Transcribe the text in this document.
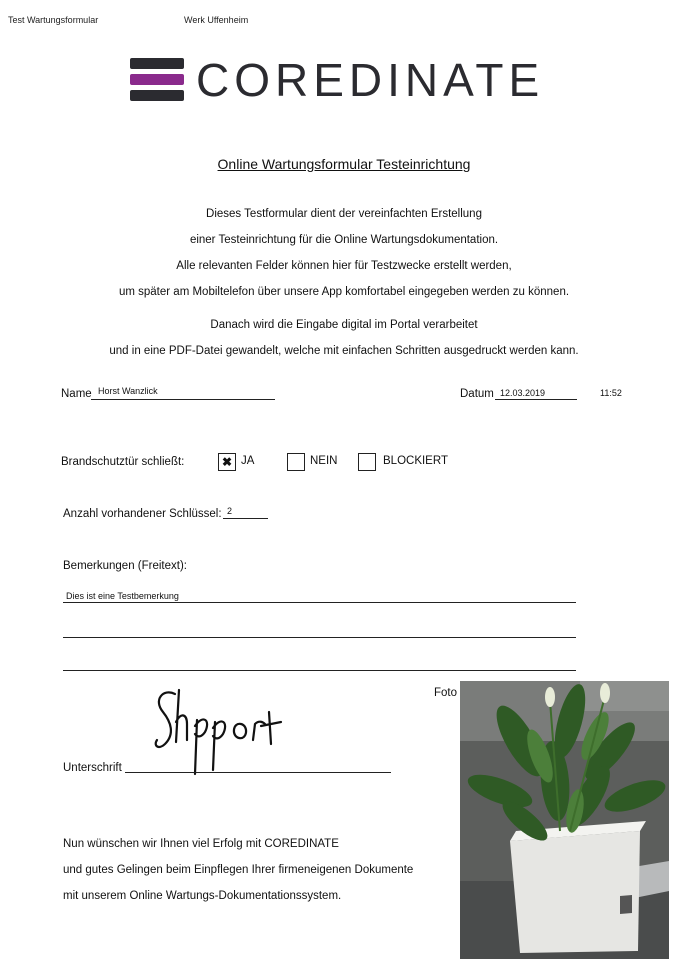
Test Wartungsformular	Werk Uffenheim
COREDINATE
Online Wartungsformular Testeinrichtung
Dieses Testformular dient der vereinfachten Erstellung
einer Testeinrichtung für die Online Wartungsdokumentation.
Alle relevanten Felder können hier für Testzwecke erstellt werden,
um später am Mobiltelefon über unsere App komfortabel eingegeben werden zu können.
Danach wird die Eingabe digital im Portal verarbeitet
und in eine PDF-Datei gewandelt, welche mit einfachen Schritten ausgedruckt werden kann.
Name Horst Wanzlick	Datum 12.03.2019	11:52
Brandschutztür schließt:	✖ JA	NEIN	BLOCKIERT
Anzahl vorhandener Schlüssel: 2
Bemerkungen (Freitext):
Dies ist eine Testbemerkung
Unterschrift
Foto
Nun wünschen wir Ihnen viel Erfolg mit COREDINATE
und gutes Gelingen beim Einpflegen Ihrer firmeneigenen Dokumente
mit unserem Online Wartungs-Dokumentationssystem.
